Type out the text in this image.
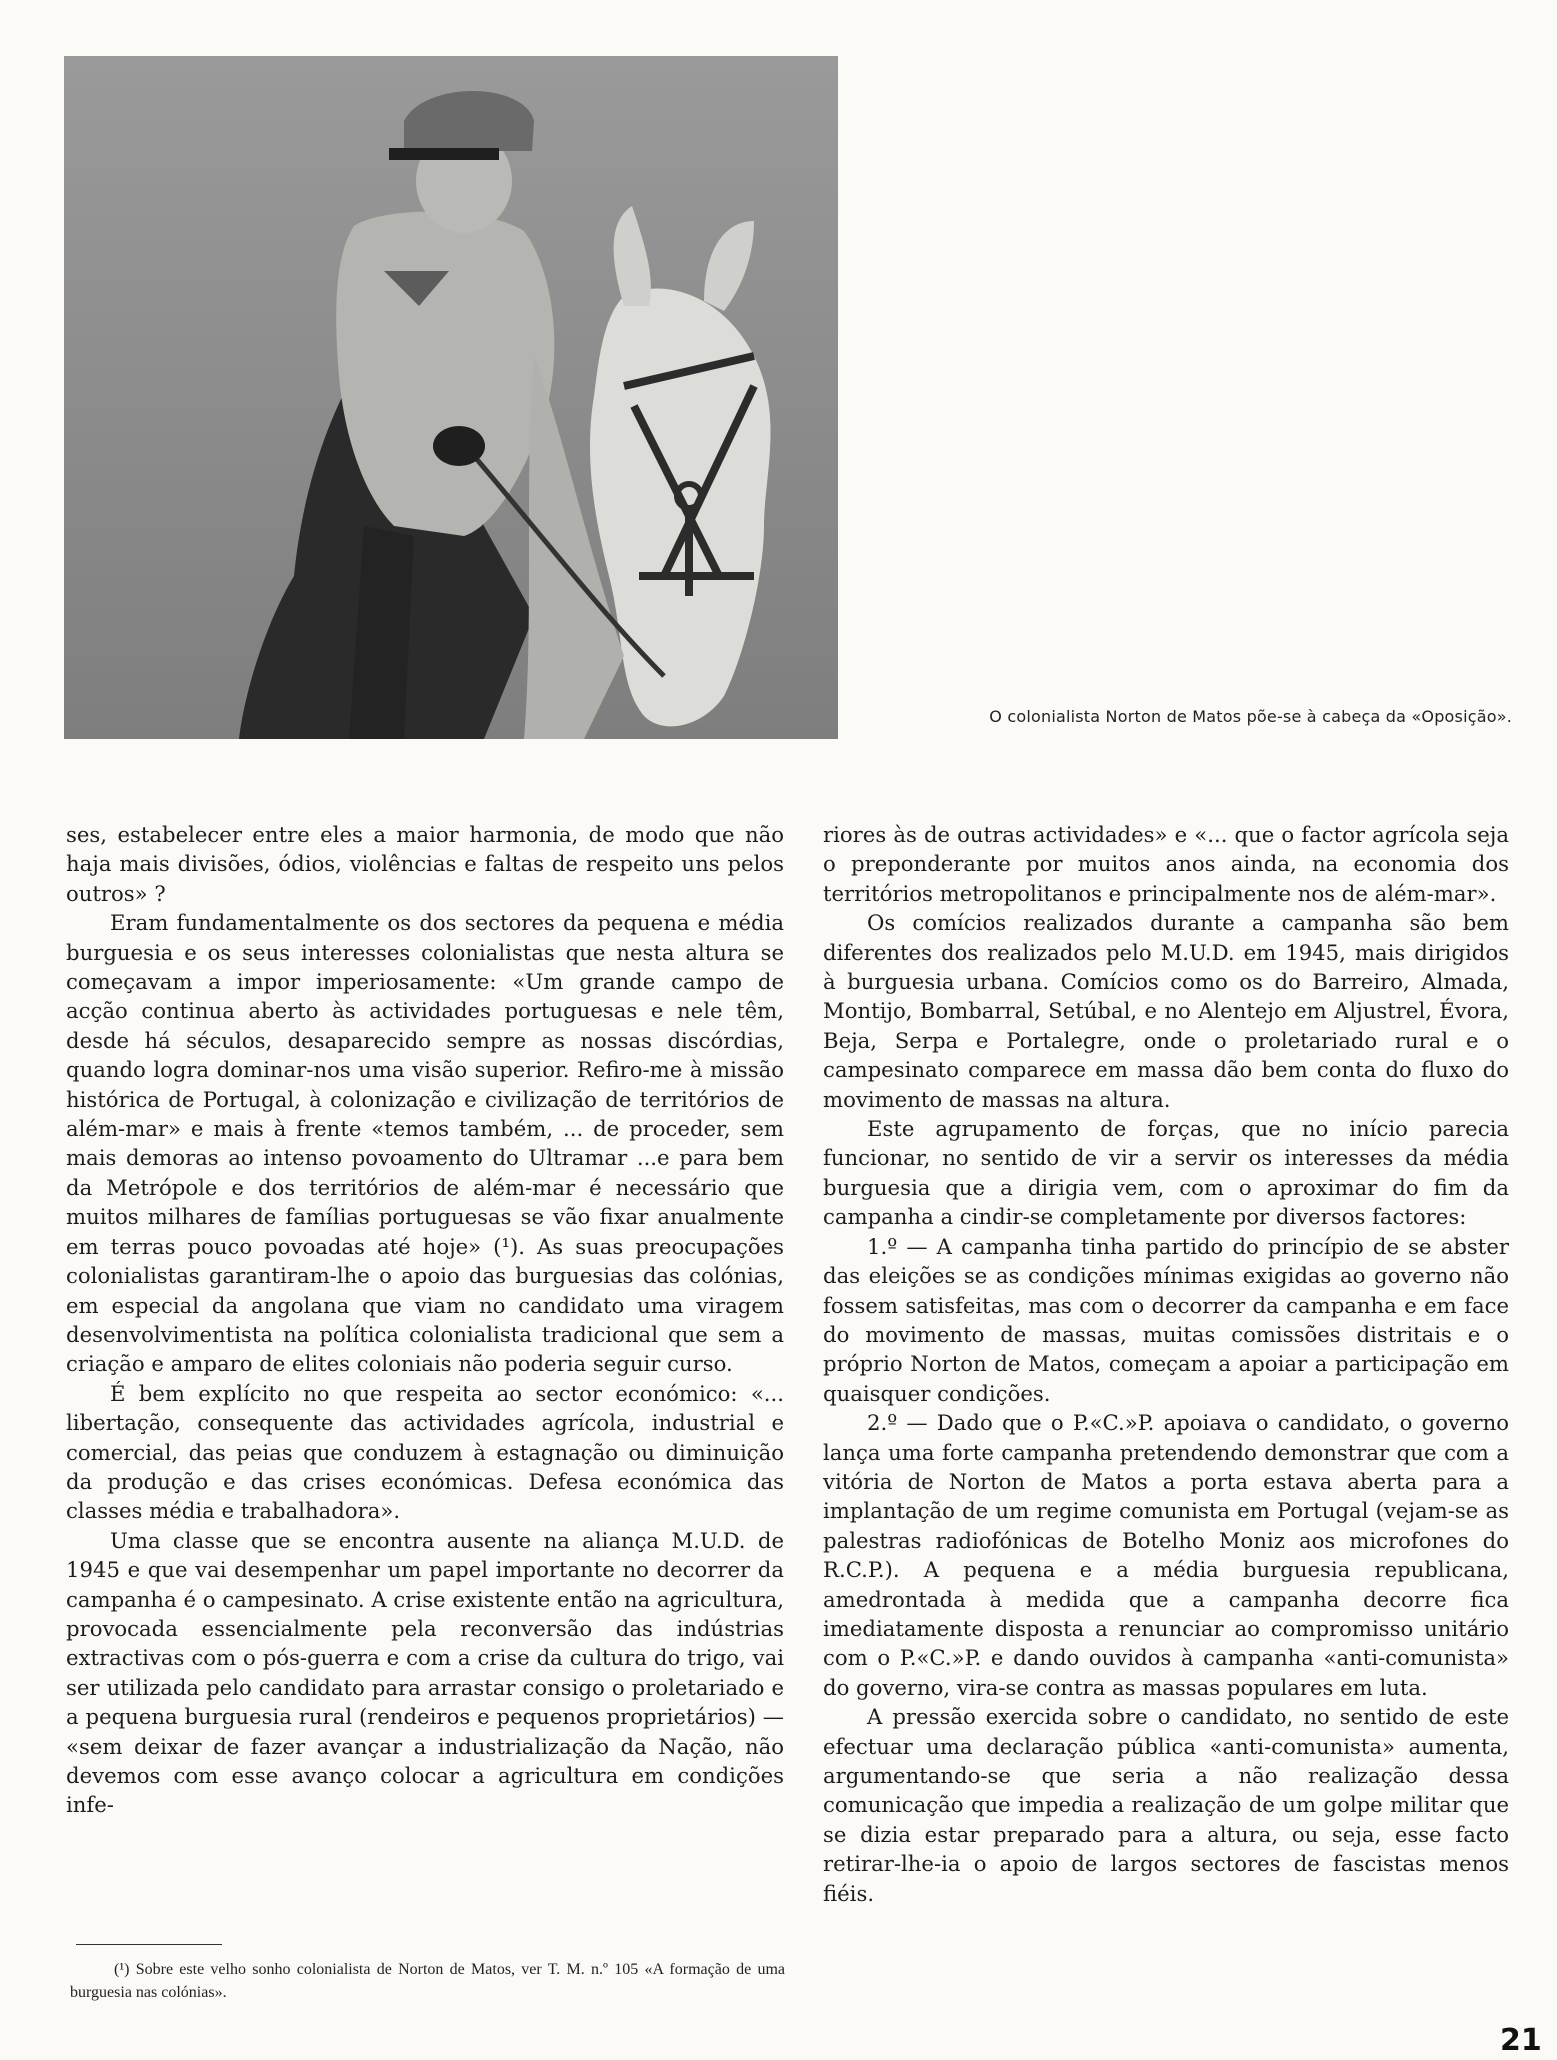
O colonialista Norton de Matos põe-se à cabeça da «Oposição».

ses, estabelecer entre eles a maior harmonia, de modo que não haja mais divisões, ódios, violências e faltas de respeito uns pelos outros» ?

Eram fundamentalmente os dos sectores da pequena e média burguesia e os seus interesses colonialistas que nesta altura se começavam a impor imperiosamente: «Um grande campo de acção continua aberto às actividades portuguesas e nele têm, desde há séculos, desaparecido sempre as nossas discórdias, quando logra dominar-nos uma visão superior. Refiro-me à missão histórica de Portugal, à colonização e civilização de territórios de além-mar» e mais à frente «temos também, ... de proceder, sem mais demoras ao intenso povoamento do Ultramar ...e para bem da Metrópole e dos territórios de além-mar é necessário que muitos milhares de famílias portuguesas se vão fixar anualmente em terras pouco povoadas até hoje» (¹). As suas preocupações colonialistas garantiram-lhe o apoio das burguesias das colónias, em especial da angolana que viam no candidato uma viragem desenvolvimentista na política colonialista tradicional que sem a criação e amparo de elites coloniais não poderia seguir curso.

É bem explícito no que respeita ao sector económico: «... libertação, consequente das actividades agrícola, industrial e comercial, das peias que conduzem à estagnação ou diminuição da produção e das crises económicas. Defesa económica das classes média e trabalhadora».

Uma classe que se encontra ausente na aliança M.U.D. de 1945 e que vai desempenhar um papel importante no decorrer da campanha é o campesinato. A crise existente então na agricultura, provocada essencialmente pela reconversão das indústrias extractivas com o pós-guerra e com a crise da cultura do trigo, vai ser utilizada pelo candidato para arrastar consigo o proletariado e a pequena burguesia rural (rendeiros e pequenos proprietários) — «sem deixar de fazer avançar a industrialização da Nação, não devemos com esse avanço colocar a agricultura em condições infe-

riores às de outras actividades» e «... que o factor agrícola seja o preponderante por muitos anos ainda, na economia dos territórios metropolitanos e principalmente nos de além-mar».

Os comícios realizados durante a campanha são bem diferentes dos realizados pelo M.U.D. em 1945, mais dirigidos à burguesia urbana. Comícios como os do Barreiro, Almada, Montijo, Bombarral, Setúbal, e no Alentejo em Aljustrel, Évora, Beja, Serpa e Portalegre, onde o proletariado rural e o campesinato comparece em massa dão bem conta do fluxo do movimento de massas na altura.

Este agrupamento de forças, que no início parecia funcionar, no sentido de vir a servir os interesses da média burguesia que a dirigia vem, com o aproximar do fim da campanha a cindir-se completamente por diversos factores:

1.º — A campanha tinha partido do princípio de se abster das eleições se as condições mínimas exigidas ao governo não fossem satisfeitas, mas com o decorrer da campanha e em face do movimento de massas, muitas comissões distritais e o próprio Norton de Matos, começam a apoiar a participação em quaisquer condições.

2.º — Dado que o P.«C.»P. apoiava o candidato, o governo lança uma forte campanha pretendendo demonstrar que com a vitória de Norton de Matos a porta estava aberta para a implantação de um regime comunista em Portugal (vejam-se as palestras radiofónicas de Botelho Moniz aos microfones do R.C.P.). A pequena e a média burguesia republicana, amedrontada à medida que a campanha decorre fica imediatamente disposta a renunciar ao compromisso unitário com o P.«C.»P. e dando ouvidos à campanha «anti-comunista» do governo, vira-se contra as massas populares em luta.

A pressão exercida sobre o candidato, no sentido de este efectuar uma declaração pública «anti-comunista» aumenta, argumentando-se que seria a não realização dessa comunicação que impedia a realização de um golpe militar que se dizia estar preparado para a altura, ou seja, esse facto retirar-lhe-ia o apoio de largos sectores de fascistas menos fiéis.

(¹) Sobre este velho sonho colonialista de Norton de Matos, ver T. M. n.º 105 «A formação de uma burguesia nas colónias».
21
